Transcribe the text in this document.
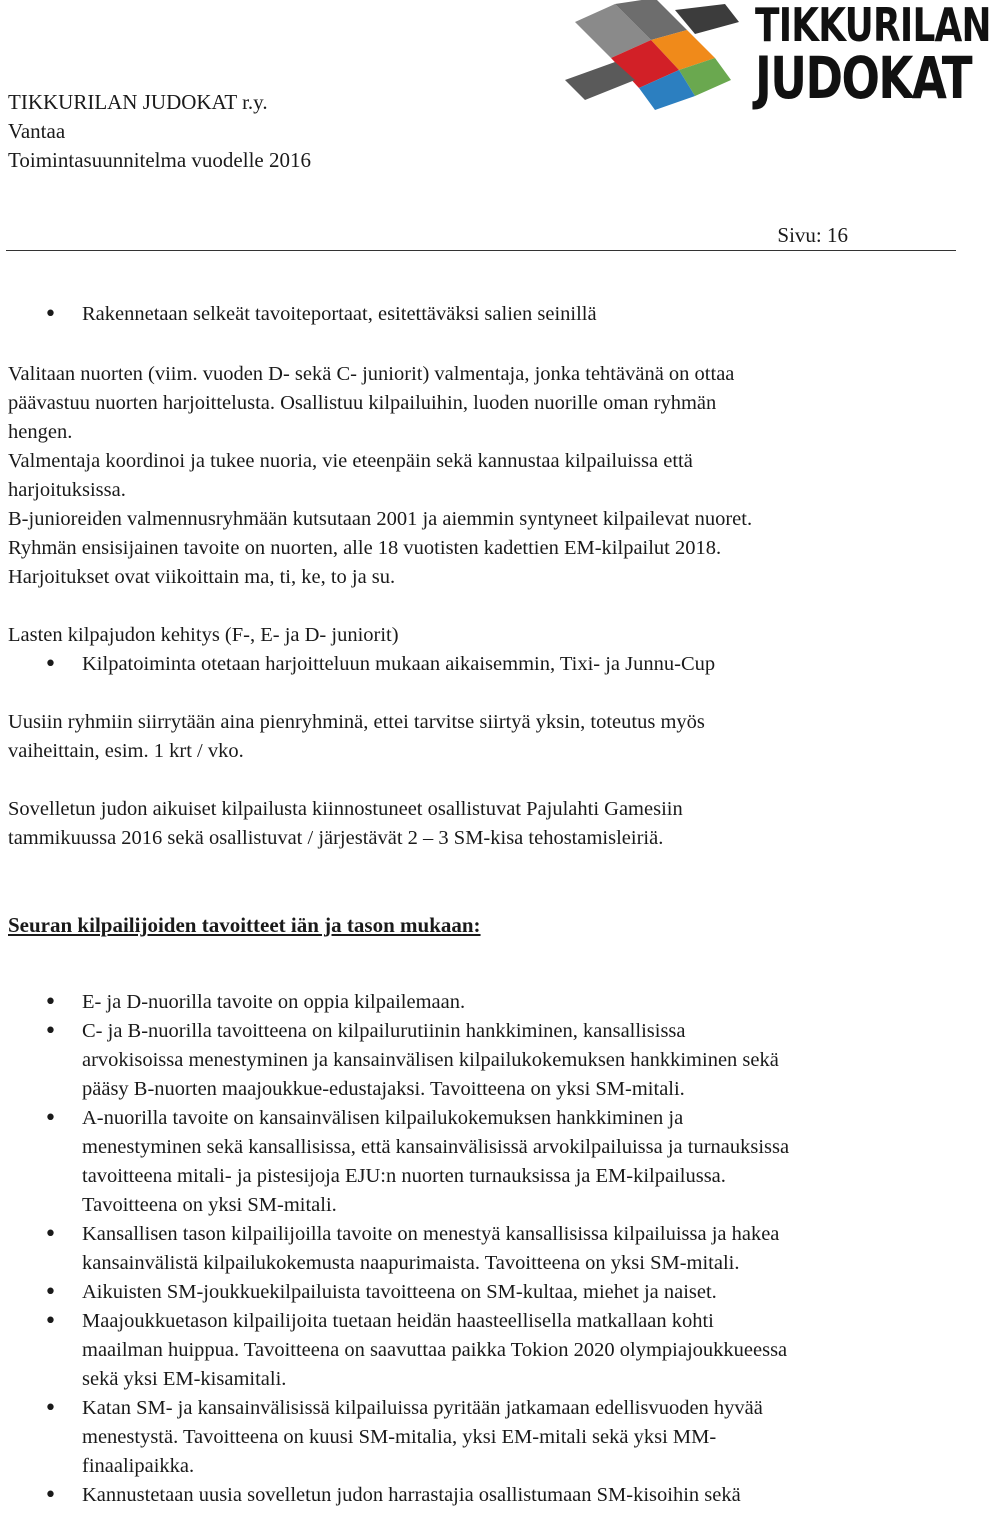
TIKKURILAN JUDOKAT r.y.
Vantaa
Toimintasuunnitelma vuodelle 2016
TIKKURILAN
JUDOKAT
Sivu: 16
• Rakennetaan selkeät tavoiteportaat, esitettäväksi salien seinillä

Valitaan nuorten (viim. vuoden D- sekä C- juniorit) valmentaja, jonka tehtävänä on ottaa

päävastuu nuorten harjoittelusta. Osallistuu kilpailuihin, luoden nuorille oman ryhmän

hengen.

Valmentaja koordinoi ja tukee nuoria, vie eteenpäin sekä kannustaa kilpailuissa että

harjoituksissa.

B-junioreiden valmennusryhmään kutsutaan 2001 ja aiemmin syntyneet kilpailevat nuoret.

Ryhmän ensisijainen tavoite on nuorten, alle 18 vuotisten kadettien EM-kilpailut 2018.

Harjoitukset ovat viikoittain ma, ti, ke, to ja su.

Lasten kilpajudon kehitys (F-, E- ja D- juniorit)

• Kilpatoiminta otetaan harjoitteluun mukaan aikaisemmin, Tixi- ja Junnu-Cup

Uusiin ryhmiin siirrytään aina pienryhminä, ettei tarvitse siirtyä yksin, toteutus myös

vaiheittain, esim. 1 krt / vko.

Sovelletun judon aikuiset kilpailusta kiinnostuneet osallistuvat Pajulahti Gamesiin

tammikuussa 2016 sekä osallistuvat / järjestävät 2 – 3 SM-kisa tehostamisleiriä.

Seuran kilpailijoiden tavoitteet iän ja tason mukaan:

• E- ja D-nuorilla tavoite on oppia kilpailemaan.
• C- ja B-nuorilla tavoitteena on kilpailurutiinin hankkiminen, kansallisissa
arvokisoissa menestyminen ja kansainvälisen kilpailukokemuksen hankkiminen sekä
pääsy B-nuorten maajoukkue-edustajaksi. Tavoitteena on yksi SM-mitali.
• A-nuorilla tavoite on kansainvälisen kilpailukokemuksen hankkiminen ja
menestyminen sekä kansallisissa, että kansainvälisissä arvokilpailuissa ja turnauksissa
tavoitteena mitali- ja pistesijoja EJU:n nuorten turnauksissa ja EM-kilpailussa.
Tavoitteena on yksi SM-mitali.
• Kansallisen tason kilpailijoilla tavoite on menestyä kansallisissa kilpailuissa ja hakea
kansainvälistä kilpailukokemusta naapurimaista. Tavoitteena on yksi SM-mitali.
• Aikuisten SM-joukkuekilpailuista tavoitteena on SM-kultaa, miehet ja naiset.
• Maajoukkuetason kilpailijoita tuetaan heidän haasteellisella matkallaan kohti
maailman huippua. Tavoitteena on saavuttaa paikka Tokion 2020 olympiajoukkueessa
sekä yksi EM-kisamitali.
• Katan SM- ja kansainvälisissä kilpailuissa pyritään jatkamaan edellisvuoden hyvää
menestystä. Tavoitteena on kuusi SM-mitalia, yksi EM-mitali sekä yksi MM-
finaalipaikka.
• Kannustetaan uusia sovelletun judon harrastajia osallistumaan SM-kisoihin sekä
